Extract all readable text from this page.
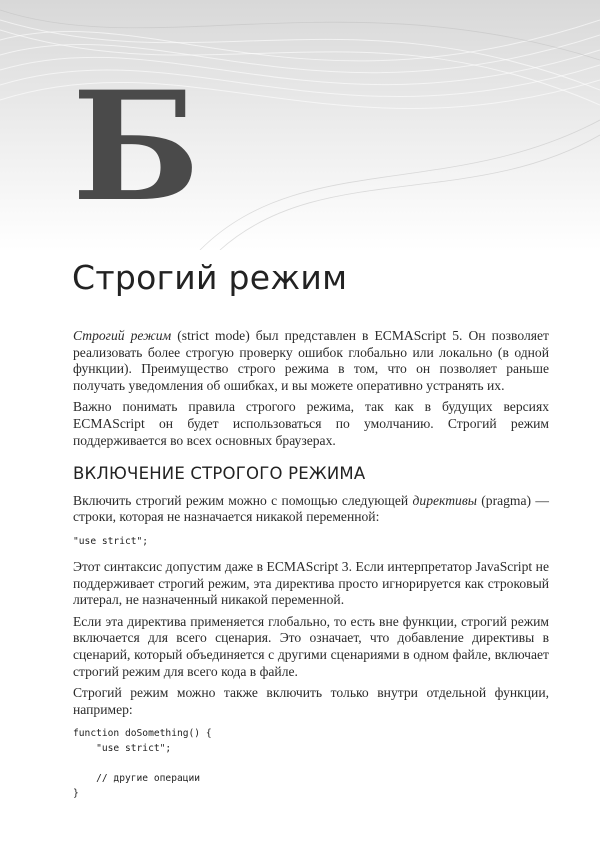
Б
Строгий режим

Строгий режим (strict mode) был представлен в ECMAScript 5. Он позволяет реализовать более строгую проверку ошибок глобально или локально (в одной функции). Преимущество строго режима в том, что он позволяет раньше получать уведомления об ошибках, и вы можете оперативно устранять их.

Важно понимать правила строгого режима, так как в будущих версиях ECMAScript он будет использоваться по умолчанию. Строгий режим поддерживается во всех основных браузерах.

ВКЛЮЧЕНИЕ СТРОГОГО РЕЖИМА

Включить строгий режим можно с помощью следующей директивы (pragma) — строки, которая не назначается никакой переменной:

"use strict";

Этот синтаксис допустим даже в ECMAScript 3. Если интерпретатор JavaScript не поддерживает строгий режим, эта директива просто игнорируется как строковый литерал, не назначенный никакой переменной.

Если эта директива применяется глобально, то есть вне функции, строгий режим включается для всего сценария. Это означает, что добавление директивы в сценарий, который объединяется с другими сценариями в одном файле, включает строгий режим для всего кода в файле.

Строгий режим можно также включить только внутри отдельной функции, например:

function doSomething() {
"use strict";

// другие операции
}
